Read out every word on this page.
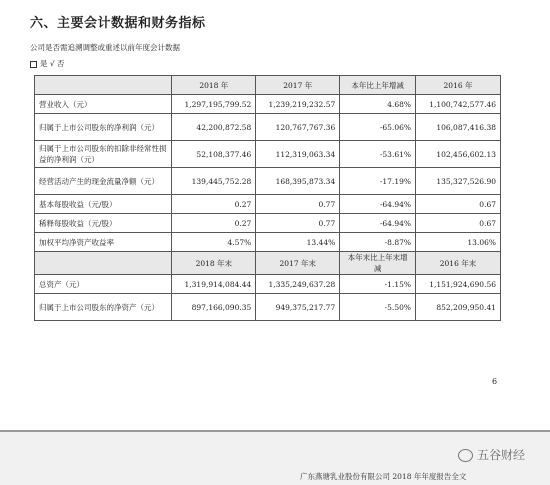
六、主要会计数据和财务指标
公司是否需追溯调整或重述以前年度会计数据
是 √ 否
	2018 年	2017 年	本年比上年增减	2016 年
营业收入（元）	1,297,195,799.52	1,239,219,232.57	4.68%	1,100,742,577.46
归属于上市公司股东的净利润（元）	42,200,872.58	120,767,767.36	-65.06%	106,087,416.38
归属于上市公司股东的扣除非经常性损益的净利润（元）	52,108,377.46	112,319,063.34	-53.61%	102,456,602.13
经营活动产生的现金流量净额（元）	139,445,752.28	168,395,873.34	-17.19%	135,327,526.90
基本每股收益（元/股）	0.27	0.77	-64.94%	0.67
稀释每股收益（元/股）	0.27	0.77	-64.94%	0.67
加权平均净资产收益率	4.57%	13.44%	-8.87%	13.06%
	2018 年末	2017 年末	本年末比上年末增减	2016 年末
总资产（元）	1,319,914,084.44	1,335,249,637.28	-1.15%	1,151,924,690.56
归属于上市公司股东的净资产（元）	897,166,090.35	949,375,217.77	-5.50%	852,209,950.41
6
五谷财经
广东燕塘乳业股份有限公司 2018 年年度报告全文
